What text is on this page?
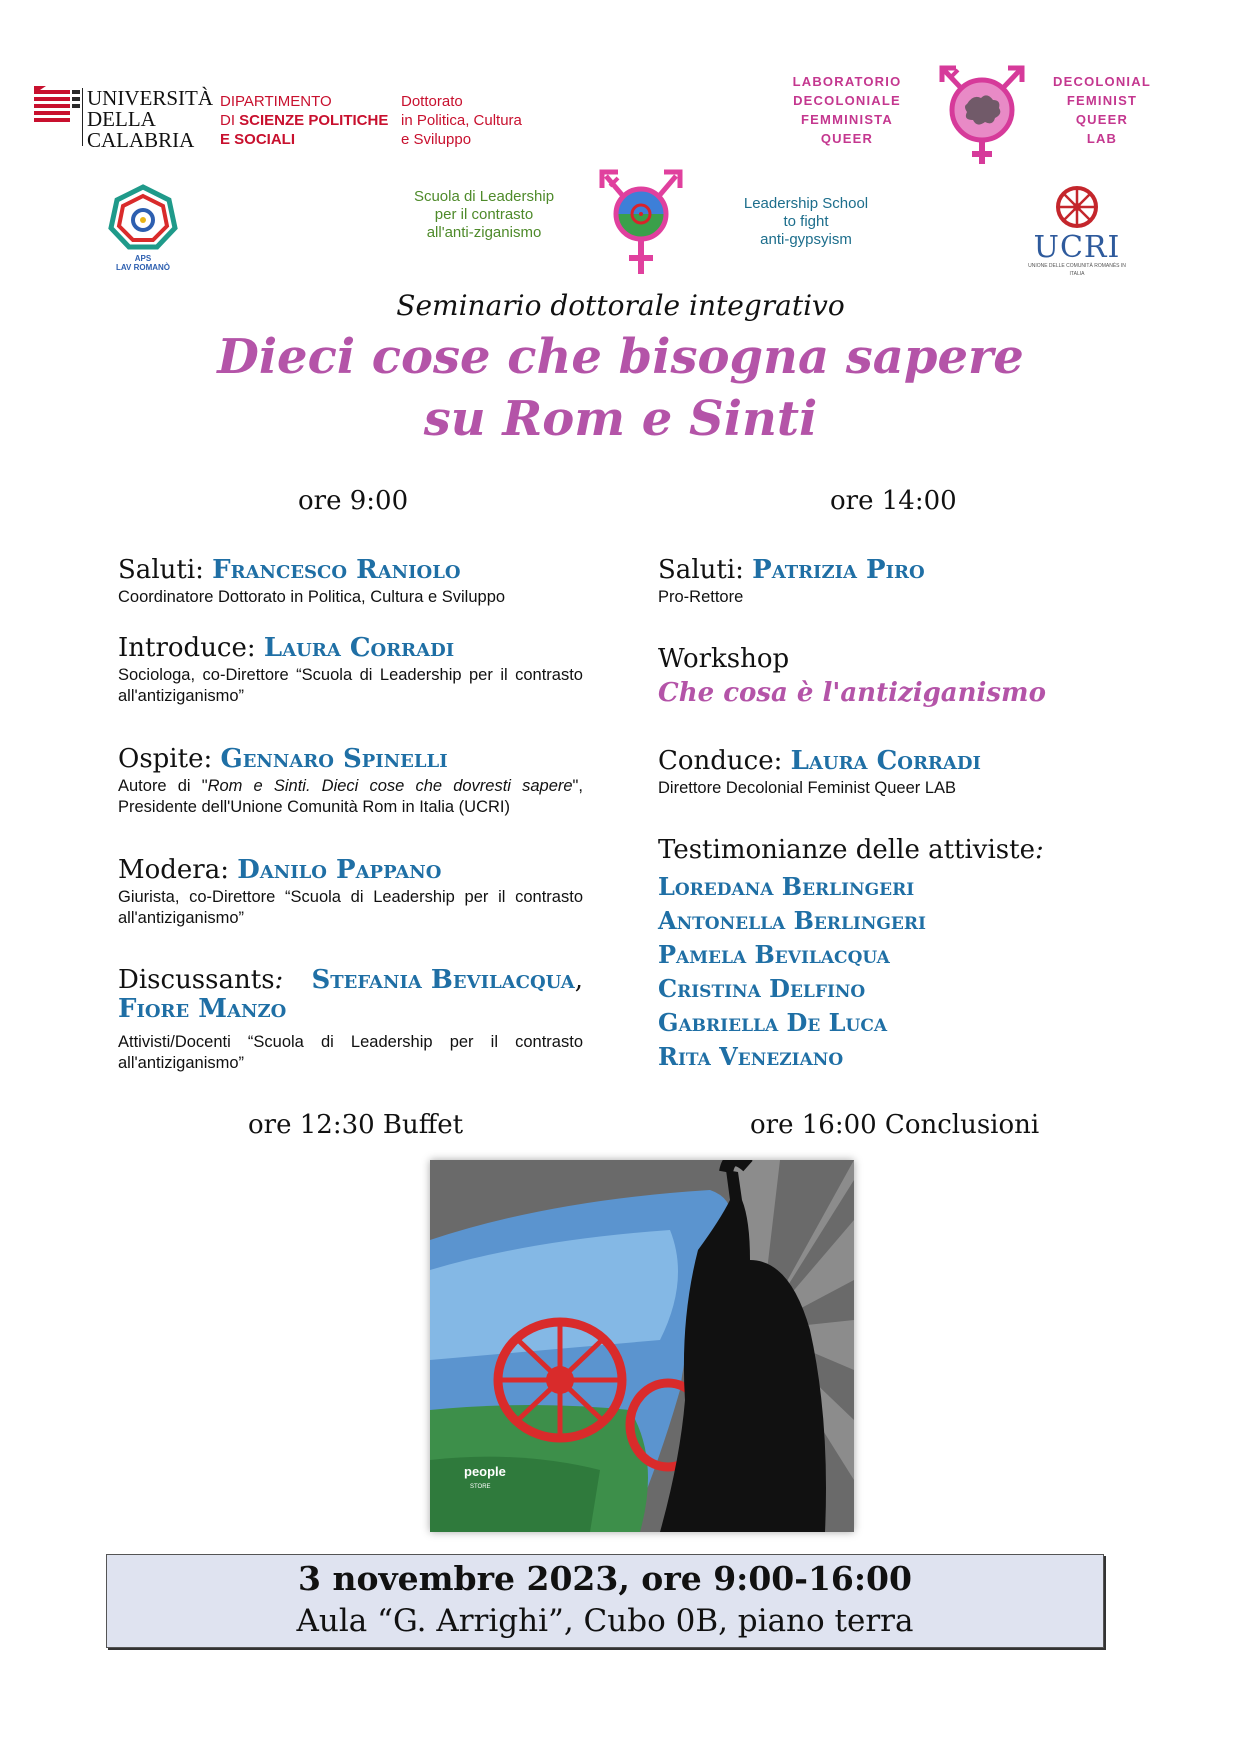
UNIVERSITÀ
DELLA
CALABRIA
DIPARTIMENTO
DI SCIENZE POLITICHE
E SOCIALI
Dottorato
in Politica, Cultura
e Sviluppo
LABORATORIO
DECOLONIALE
FEMMINISTA
QUEER
DECOLONIAL
FEMINIST
QUEER
LAB
APS
LAV ROMANÒ
Scuola di Leadership
per il contrasto
all'anti-ziganismo
Leadership School
to fight
anti-gypsyism	UCRI
UNIONE DELLE COMUNITÀ ROMANÈS IN ITALIA
Seminario dottorale integrativo
Dieci cose che bisogna sapere
su Rom e Sinti
ore 9:00
Saluti: Francesco Raniolo
Coordinatore Dottorato in Politica, Cultura e Sviluppo
Introduce: Laura Corradi
Sociologa, co-Direttore “Scuola di Leadership per il contrasto all'antiziganismo”
Ospite: Gennaro Spinelli
Autore di "Rom e Sinti. Dieci cose che dovresti sapere", Presidente dell'Unione Comunità Rom in Italia (UCRI)
Modera: Danilo Pappano
Giurista, co-Direttore “Scuola di Leadership per il contrasto all'antiziganismo”
Discussants: Stefania Bevilacqua,
Fiore Manzo
Attivisti/Docenti “Scuola di Leadership per il contrasto all'antiziganismo”
ore 12:30 Buffet
ore 14:00
Saluti: Patrizia Piro
Pro-Rettore
Workshop
Che cosa è l'antiziganismo
Conduce: Laura Corradi
Direttore Decolonial Feminist Queer LAB
Testimonianze delle attiviste:
Loredana Berlingeri
Antonella Berlingeri
Pamela Bevilacqua
Cristina Delfino
Gabriella De Luca
Rita Veneziano
ore 16:00 Conclusioni
people
STORE
3 novembre 2023, ore 9:00-16:00
Aula “G. Arrighi”, Cubo 0B, piano terra
